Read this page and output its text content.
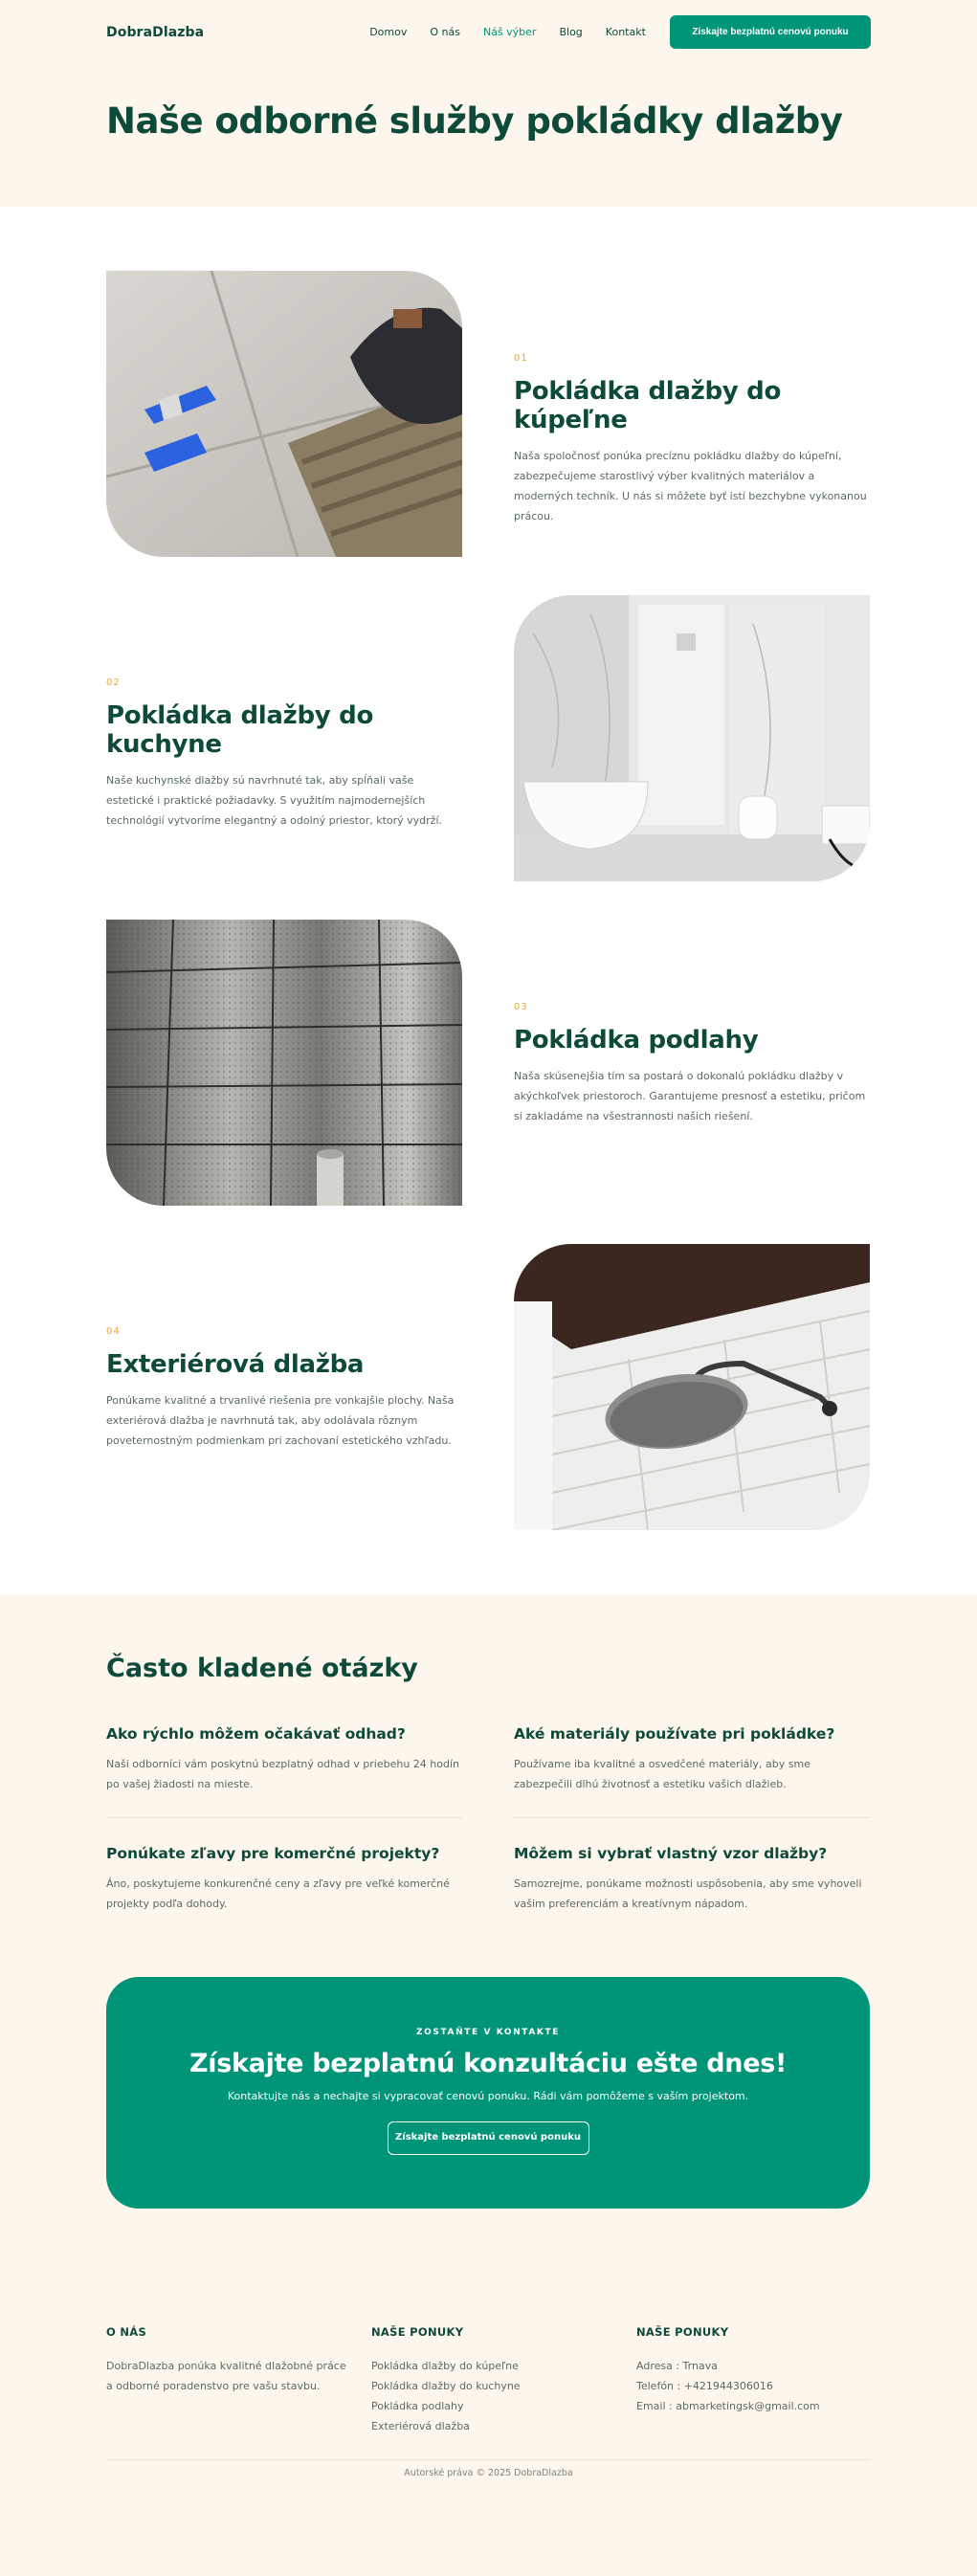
DobraDlazba	Domov O nás Náš výber Blog Kontakt	Získajte bezplatnú cenovú ponuku
Naše odborné služby pokládky dlažby
01
Pokládka dlažby do kúpeľne

Naša spoločnosť ponúka precíznu pokládku dlažby do kúpeľní, zabezpečujeme starostlivý výber kvalitných materiálov a moderných techník. U nás si môžete byť istí bezchybne vykonanou prácou.

02
Pokládka dlažby do kuchyne

Naše kuchynské dlažby sú navrhnuté tak, aby spĺňali vaše estetické i praktické požiadavky. S využitím najmodernejších technológií vytvoríme elegantný a odolný priestor, ktorý vydrží.

03
Pokládka podlahy

Naša skúsenejšia tím sa postará o dokonalú pokládku dlažby v akýchkoľvek priestoroch. Garantujeme presnosť a estetiku, pričom si zakladáme na všestrannosti našich riešení.

04
Exteriérová dlažba

Ponúkame kvalitné a trvanlivé riešenia pre vonkajšie plochy. Naša exteriérová dlažba je navrhnutá tak, aby odolávala rôznym poveternostným podmienkam pri zachovaní estetického vzhľadu.

Často kladené otázky
Ako rýchlo môžem očakávať odhad?

Naši odborníci vám poskytnú bezplatný odhad v priebehu 24 hodín po vašej žiadosti na mieste.

Aké materiály používate pri pokládke?

Používame iba kvalitné a osvedčené materiály, aby sme zabezpečili dlhú životnosť a estetiku vašich dlažieb.

Ponúkate zľavy pre komerčné projekty?

Áno, poskytujeme konkurenčné ceny a zľavy pre veľké komerčné projekty podľa dohody.

Môžem si vybrať vlastný vzor dlažby?

Samozrejme, ponúkame možnosti uspôsobenia, aby sme vyhoveli vašim preferenciám a kreatívnym nápadom.

ZOSTAŇTE V KONTAKTE
Získajte bezplatnú konzultáciu ešte dnes!

Kontaktujte nás a nechajte si vypracovať cenovú ponuku. Rádi vám pomôžeme s vaším projektom.

Získajte bezplatnú cenovú ponuku
O NÁS

DobraDlazba ponúka kvalitné dlažobné práce a odborné poradenstvo pre vašu stavbu.

NAŠE PONUKY
Pokládka dlažby do kúpeľne
Pokládka dlažby do kuchyne
Pokládka podlahy
Exteriérová dlažba
NAŠE PONUKY
Adresa : Trnava
Telefón : +421944306016
Email : abmarketingsk@gmail.com
Autorské práva © 2025 DobraDlazba
